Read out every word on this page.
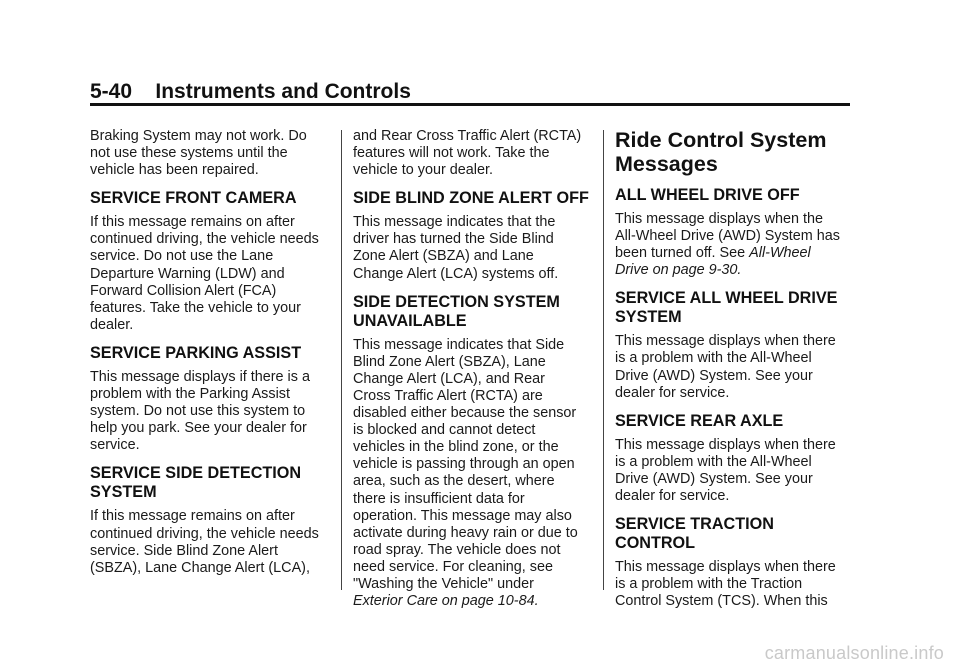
5-40 Instruments and Controls
Braking System may not work. Do
not use these systems until the
vehicle has been repaired.
SERVICE FRONT CAMERA
If this message remains on after
continued driving, the vehicle needs
service. Do not use the Lane
Departure Warning (LDW) and
Forward Collision Alert (FCA)
features. Take the vehicle to your
dealer.
SERVICE PARKING ASSIST
This message displays if there is a
problem with the Parking Assist
system. Do not use this system to
help you park. See your dealer for
service.
SERVICE SIDE DETECTION
SYSTEM
If this message remains on after
continued driving, the vehicle needs
service. Side Blind Zone Alert
(SBZA), Lane Change Alert (LCA),
and Rear Cross Traffic Alert (RCTA)
features will not work. Take the
vehicle to your dealer.
SIDE BLIND ZONE ALERT OFF
This message indicates that the
driver has turned the Side Blind
Zone Alert (SBZA) and Lane
Change Alert (LCA) systems off.
SIDE DETECTION SYSTEM
UNAVAILABLE
This message indicates that Side
Blind Zone Alert (SBZA), Lane
Change Alert (LCA), and Rear
Cross Traffic Alert (RCTA) are
disabled either because the sensor
is blocked and cannot detect
vehicles in the blind zone, or the
vehicle is passing through an open
area, such as the desert, where
there is insufficient data for
operation. This message may also
activate during heavy rain or due to
road spray. The vehicle does not
need service. For cleaning, see
"Washing the Vehicle" under
Exterior Care on page 10-84.
Ride Control System
Messages
ALL WHEEL DRIVE OFF
This message displays when the
All-Wheel Drive (AWD) System has
been turned off. See All-Wheel
Drive on page 9-30.
SERVICE ALL WHEEL DRIVE
SYSTEM
This message displays when there
is a problem with the All-Wheel
Drive (AWD) System. See your
dealer for service.
SERVICE REAR AXLE
This message displays when there
is a problem with the All-Wheel
Drive (AWD) System. See your
dealer for service.
SERVICE TRACTION
CONTROL
This message displays when there
is a problem with the Traction
Control System (TCS). When this
carmanualsonline.info
